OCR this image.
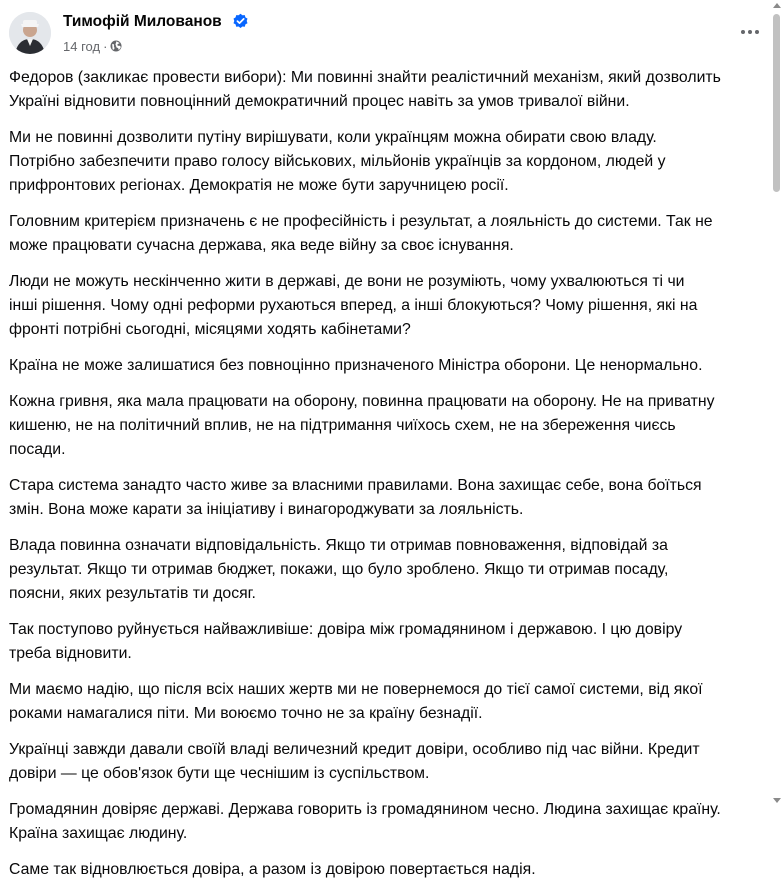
Тимофій Милованов
14 год ·

Федоров (закликає провести вибори): Ми повинні знайти реалістичний механізм, який дозволить
Україні відновити повноцінний демократичний процес навіть за умов тривалої війни.

Ми не повинні дозволити путіну вирішувати, коли українцям можна обирати свою владу.
Потрібно забезпечити право голосу військових, мільйонів українців за кордоном, людей у
прифронтових регіонах. Демократія не може бути заручницею росії.

Головним критерієм призначень є не професійність і результат, а лояльність до системи. Так не
може працювати сучасна держава, яка веде війну за своє існування.

Люди не можуть нескінченно жити в державі, де вони не розуміють, чому ухвалюються ті чи
інші рішення. Чому одні реформи рухаються вперед, а інші блокуються? Чому рішення, які на
фронті потрібні сьогодні, місяцями ходять кабінетами?

Країна не може залишатися без повноцінно призначеного Міністра оборони. Це ненормально.

Кожна гривня, яка мала працювати на оборону, повинна працювати на оборону. Не на приватну
кишеню, не на політичний вплив, не на підтримання чиїхось схем, не на збереження чиєсь
посади.

Стара система занадто часто живе за власними правилами. Вона захищає себе, вона боїться
змін. Вона може карати за ініціативу і винагороджувати за лояльність.

Влада повинна означати відповідальність. Якщо ти отримав повноваження, відповідай за
результат. Якщо ти отримав бюджет, покажи, що було зроблено. Якщо ти отримав посаду,
поясни, яких результатів ти досяг.

Так поступово руйнується найважливіше: довіра між громадянином і державою. І цю довіру
треба відновити.

Ми маємо надію, що після всіх наших жертв ми не повернемося до тієї самої системи, від якої
роками намагалися піти. Ми воюємо точно не за країну безнадії.

Українці завжди давали своїй владі величезний кредит довіри, особливо під час війни. Кредит
довіри — це обов'язок бути ще чеснішим із суспільством.

Громадянин довіряє державі. Держава говорить із громадянином чесно. Людина захищає країну.
Країна захищає людину.

Саме так відновлюється довіра, а разом із довірою повертається надія.
